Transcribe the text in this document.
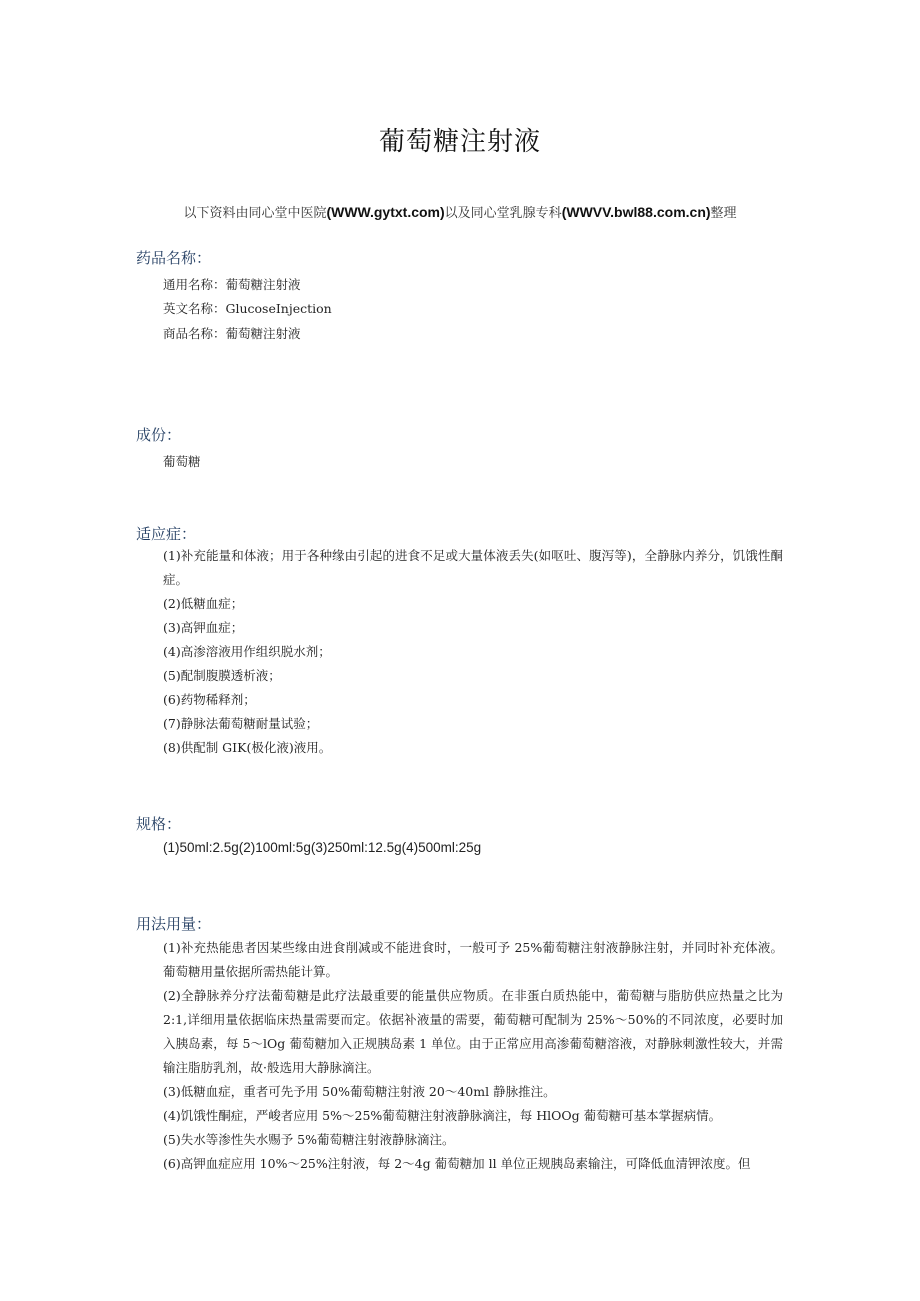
葡萄糖注射液
以下资料由同心堂中医院(WWW.gytxt.com)以及同心堂乳腺专科(WWVV.bwl88.com.cn)整理
药品名称：
通用名称：葡萄糖注射液
英文名称：GlucoseInjection
商品名称：葡萄糖注射液
成份：
葡萄糖
适应症：
(1)补充能量和体液；用于各种缘由引起的进食不足或大量体液丢失(如呕吐、腹泻等)，全静脉内养分，饥饿性酮症。
(2)低糖血症；
(3)高钾血症；
(4)高渗溶液用作组织脱水剂；
(5)配制腹膜透析液；
(6)药物稀释剂；
(7)静脉法葡萄糖耐量试验；
(8)供配制 GIK(极化液)液用。
规格：
(1)50ml:2.5g(2)100ml:5g(3)250ml:12.5g(4)500ml:25g
用法用量：
(1)补充热能患者因某些缘由进食削减或不能进食时，一般可予 25%葡萄糖注射液静脉注射，并同时补充体液。葡萄糖用量依据所需热能计算。
(2)全静脉养分疗法葡萄糖是此疗法最重要的能量供应物质。在非蛋白质热能中，葡萄糖与脂肪供应热量之比为 2:1,详细用量依据临床热量需要而定。依据补液量的需要，葡萄糖可配制为 25%～50%的不同浓度，必要时加入胰岛素，每 5～lOg 葡萄糖加入正规胰岛素 1 单位。由于正常应用高渗葡萄糖溶液，对静脉刺激性较大，并需输注脂肪乳剂，故·般选用大静脉滴注。
(3)低糖血症，重者可先予用 50%葡萄糖注射液 20～40ml 静脉推注。
(4)饥饿性酮症，严峻者应用 5%～25%葡萄糖注射液静脉滴注，每 HlOOg 葡萄糖可基本掌握病情。
(5)失水等渗性失水赐予 5%葡萄糖注射液静脉滴注。
(6)高钾血症应用 10%～25%注射液，每 2～4g 葡萄糖加 ll 单位正规胰岛素输注，可降低血清钾浓度。但
